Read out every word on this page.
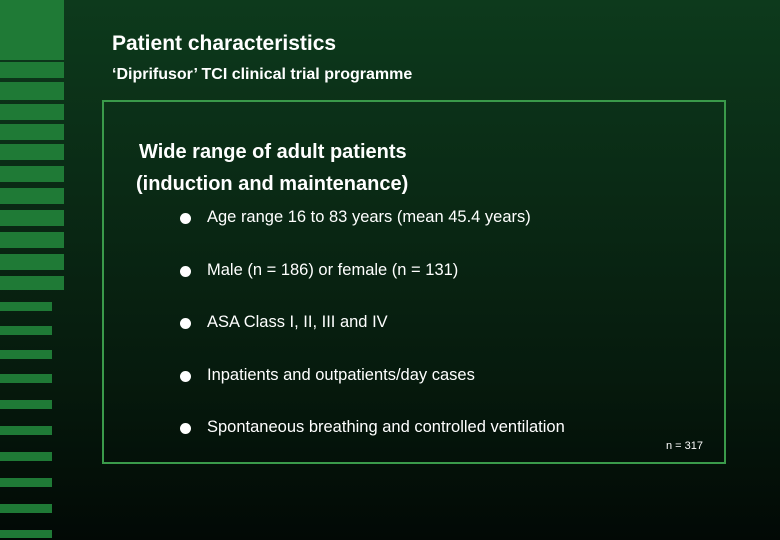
Patient characteristics
‘Diprifusor’ TCI clinical trial programme
Wide range of adult patients
(induction and maintenance)
Age range 16 to 83 years (mean 45.4 years)
Male (n = 186) or female (n = 131)
ASA Class I, II, III and IV
Inpatients and outpatients/day cases
Spontaneous breathing and controlled ventilation
n = 317
